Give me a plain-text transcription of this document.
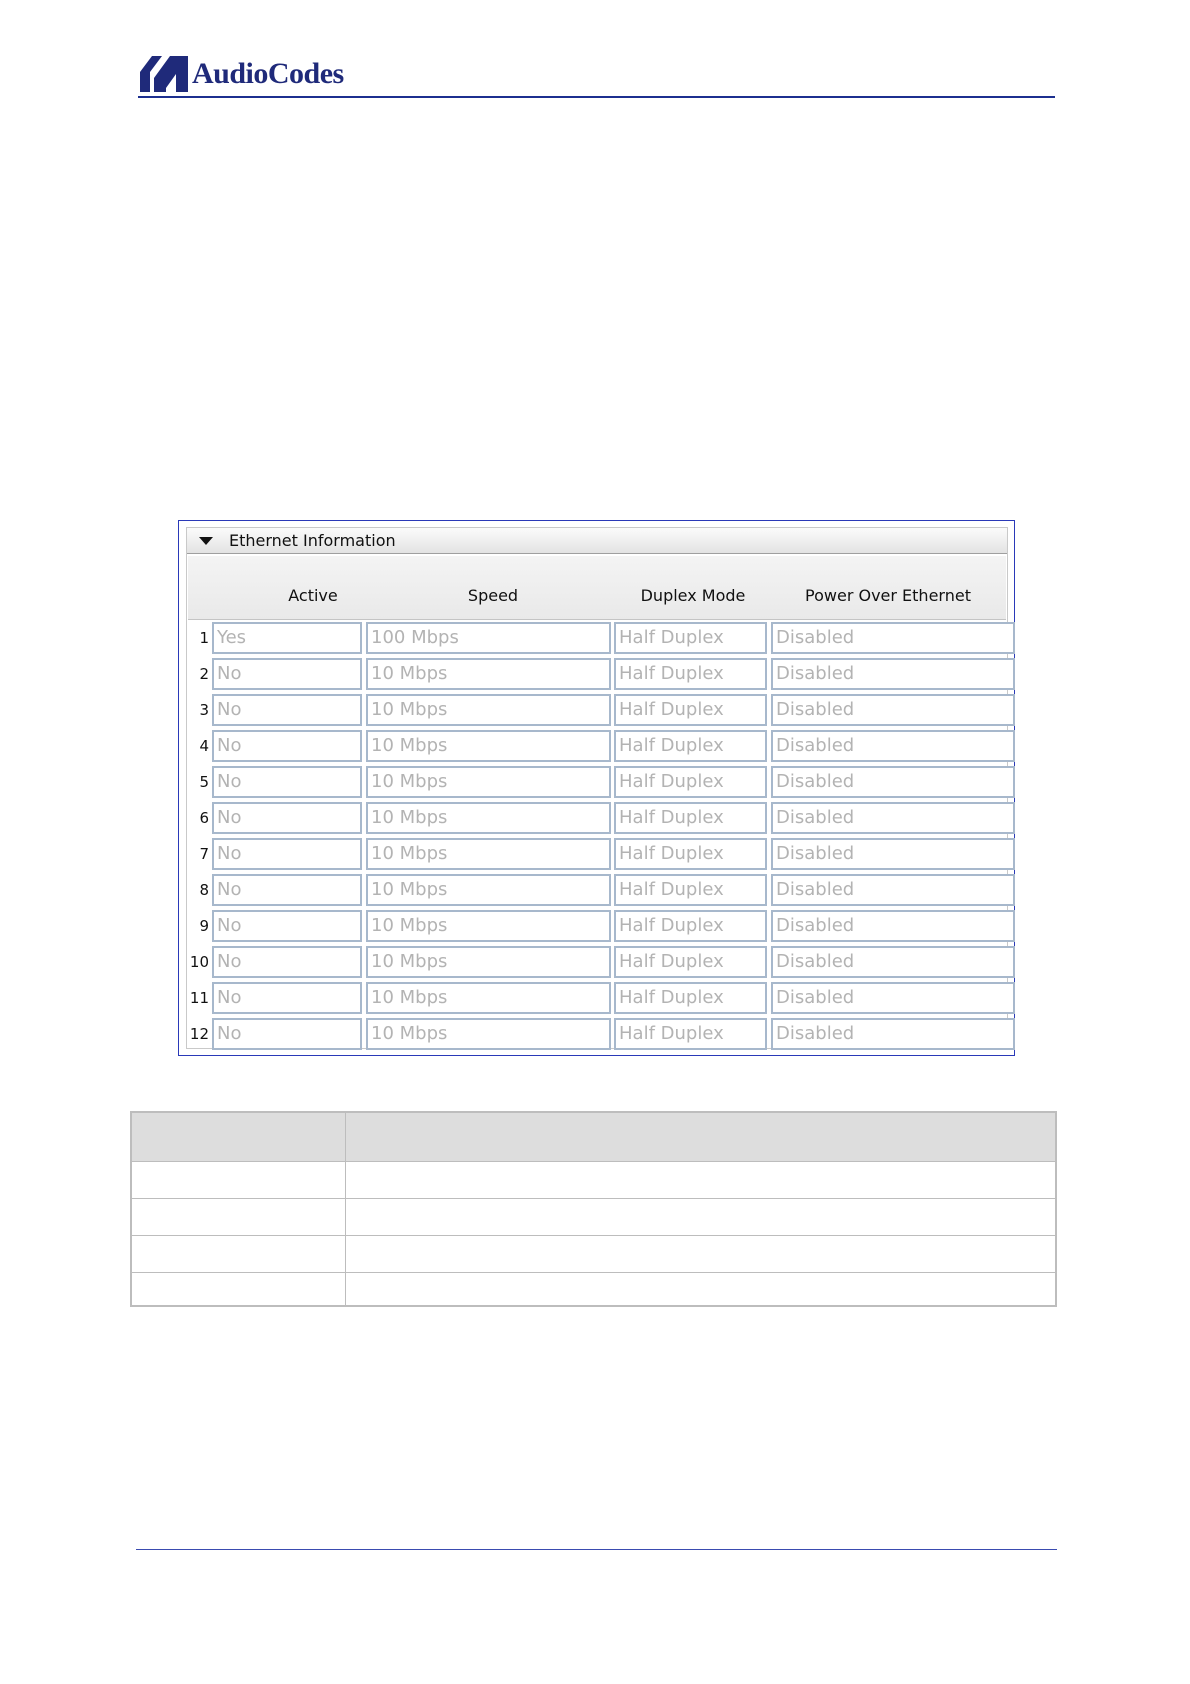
AudioCodes
Ethernet Information
Active	Speed	Duplex Mode	Power Over Ethernet
1 Yes	100 Mbps	Half Duplex	Disabled
2 No	10 Mbps	Half Duplex	Disabled
3 No	10 Mbps	Half Duplex	Disabled
4 No	10 Mbps	Half Duplex	Disabled
5 No	10 Mbps	Half Duplex	Disabled
6 No	10 Mbps	Half Duplex	Disabled
7 No	10 Mbps	Half Duplex	Disabled
8 No	10 Mbps	Half Duplex	Disabled
9 No	10 Mbps	Half Duplex	Disabled
10 No	10 Mbps	Half Duplex	Disabled
11 No	10 Mbps	Half Duplex	Disabled
12 No	10 Mbps	Half Duplex	Disabled
